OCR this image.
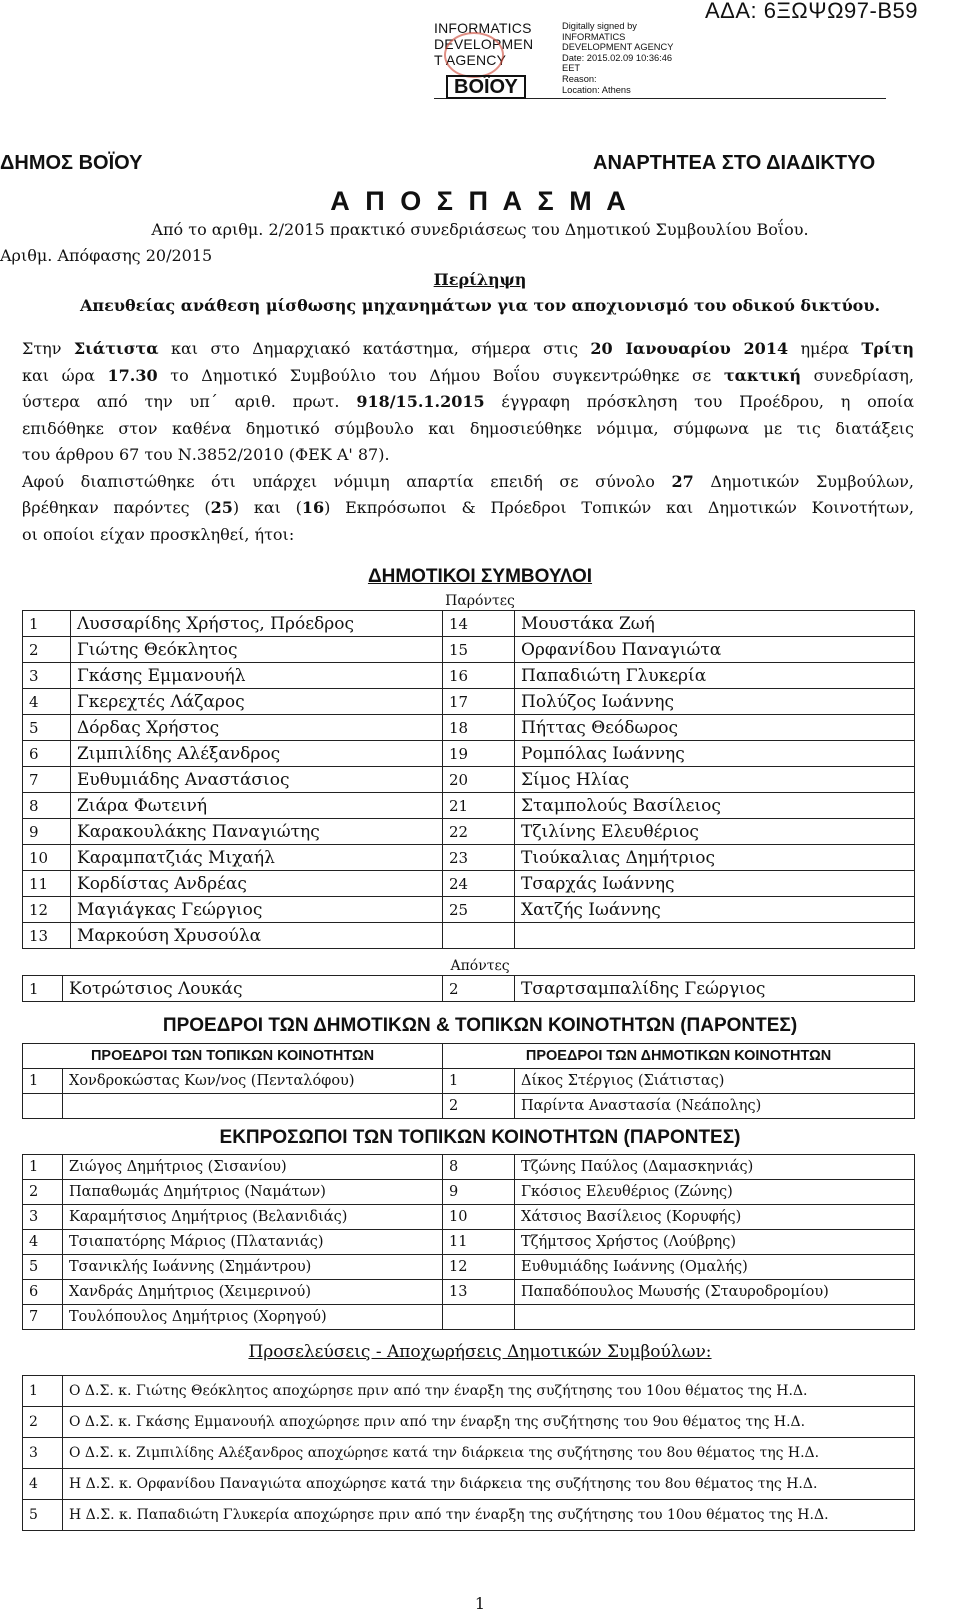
ΑΔΑ: 6ΞΩΨΩ97-Β59
INFORMATICS
DEVELOPMEN
T AGENCY
ΒΟΪΟΥ
Digitally signed by
INFORMATICS
DEVELOPMENT AGENCY
Date: 2015.02.09 10:36:46
EET
Reason:
Location: Athens
ΔΗΜΟΣ ΒΟΪΟΥ	ΑΝΑΡΤΗΤΕΑ ΣΤΟ ΔΙΑΔΙΚΤΥΟ
Α Π Ο Σ Π Α Σ Μ Α
Από το αριθμ. 2/2015 πρακτικό συνεδριάσεως του Δημοτικού Συμβουλίου Βοΐου.
Αριθμ. Απόφασης 20/2015
Περίληψη
Απευθείας ανάθεση μίσθωσης μηχανημάτων για τον αποχιονισμό του οδικού δικτύου.
Στην Σιάτιστα και στο Δημαρχιακό κατάστημα, σήμερα στις 20 Ιανουαρίου 2014 ημέρα Τρίτη
και ώρα 17.30 το Δημοτικό Συμβούλιο του Δήμου Βοΐου συγκεντρώθηκε σε τακτική συνεδρίαση,
ύστερα από την υπ΄ αριθ. πρωτ. 918/15.1.2015 έγγραφη πρόσκληση του Προέδρου, η οποία
επιδόθηκε στον καθένα δημοτικό σύμβουλο και δημοσιεύθηκε νόμιμα, σύμφωνα με τις διατάξεις
του άρθρου 67 του Ν.3852/2010 (ΦΕΚ Α' 87).
Αφού διαπιστώθηκε ότι υπάρχει νόμιμη απαρτία επειδή σε σύνολο 27 Δημοτικών Συμβούλων,
βρέθηκαν παρόντες (25) και (16) Εκπρόσωποι & Πρόεδροι Τοπικών και Δημοτικών Κοινοτήτων,
οι οποίοι είχαν προσκληθεί, ήτοι:
ΔΗΜΟΤΙΚΟΙ ΣΥΜΒΟΥΛΟΙ
Παρόντες
1	Λυσσαρίδης Χρήστος, Πρόεδρος	14	Μουστάκα Ζωή
2	Γιώτης Θεόκλητος	15	Ορφανίδου Παναγιώτα
3	Γκάσης Εμμανουήλ	16	Παπαδιώτη Γλυκερία
4	Γκερεχτές Λάζαρος	17	Πολύζος Ιωάννης
5	Δόρδας Χρήστος	18	Πήττας Θεόδωρος
6	Ζιμπιλίδης Αλέξανδρος	19	Ρομπόλας Ιωάννης
7	Ευθυμιάδης Αναστάσιος	20	Σίμος Ηλίας
8	Ζιάρα Φωτεινή	21	Σταμπολούς Βασίλειος
9	Καρακουλάκης Παναγιώτης	22	Τζιλίνης Ελευθέριος
10	Καραμπατζιάς Μιχαήλ	23	Τιούκαλιας Δημήτριος
11	Κορδίστας Ανδρέας	24	Τσαρχάς Ιωάννης
12	Μαγιάγκας Γεώργιος	25	Χατζής Ιωάννης
13	Μαρκούση Χρυσούλα		
Απόντες
1	Κοτρώτσιος Λουκάς	2	Τσαρτσαμπαλίδης Γεώργιος
ΠΡΟΕΔΡΟΙ ΤΩΝ ΔΗΜΟΤΙΚΩΝ & ΤΟΠΙΚΩΝ ΚΟΙΝΟΤΗΤΩΝ (ΠΑΡΟΝΤΕΣ)
ΠΡΟΕΔΡΟΙ ΤΩΝ ΤΟΠΙΚΩΝ ΚΟΙΝΟΤΗΤΩΝ		ΠΡΟΕΔΡΟΙ ΤΩΝ ΔΗΜΟΤΙΚΩΝ ΚΟΙΝΟΤΗΤΩΝ	
1	Χονδροκώστας Κων/νος (Πενταλόφου)	1	Δίκος Στέργιος (Σιάτιστας)
		2	Παρίντα Αναστασία (Νεάπολης)
ΕΚΠΡΟΣΩΠΟΙ ΤΩΝ ΤΟΠΙΚΩΝ ΚΟΙΝΟΤΗΤΩΝ (ΠΑΡΟΝΤΕΣ)
1	Ζιώγος Δημήτριος (Σισανίου)	8	Τζώνης Παύλος (Δαμασκηνιάς)
2	Παπαθωμάς Δημήτριος (Ναμάτων)	9	Γκόσιος Ελευθέριος (Ζώνης)
3	Καραμήτσιος Δημήτριος (Βελανιδιάς)	10	Χάτσιος Βασίλειος (Κορυφής)
4	Τσιαπατόρης Μάριος (Πλατανιάς)	11	Τζήμτσος Χρήστος (Λούβρης)
5	Τσανικλής Ιωάννης (Σημάντρου)	12	Ευθυμιάδης Ιωάννης (Ομαλής)
6	Χανδράς Δημήτριος (Χειμερινού)	13	Παπαδόπουλος Μωυσής (Σταυροδρομίου)
7	Τουλόπουλος Δημήτριος (Χορηγού)		
Προσελεύσεις - Αποχωρήσεις Δημοτικών Συμβούλων:
1	Ο Δ.Σ. κ. Γιώτης Θεόκλητος αποχώρησε πριν από την έναρξη της συζήτησης του 10ου θέματος της Η.Δ.
2	Ο Δ.Σ. κ. Γκάσης Εμμανουήλ αποχώρησε πριν από την έναρξη της συζήτησης του 9ου θέματος της Η.Δ.
3	Ο Δ.Σ. κ. Ζιμπιλίδης Αλέξανδρος αποχώρησε κατά την διάρκεια της συζήτησης του 8ου θέματος της Η.Δ.
4	Η Δ.Σ. κ. Ορφανίδου Παναγιώτα αποχώρησε κατά την διάρκεια της συζήτησης του 8ου θέματος της Η.Δ.
5	Η Δ.Σ. κ. Παπαδιώτη Γλυκερία αποχώρησε πριν από την έναρξη της συζήτησης του 10ου θέματος της Η.Δ.
1
